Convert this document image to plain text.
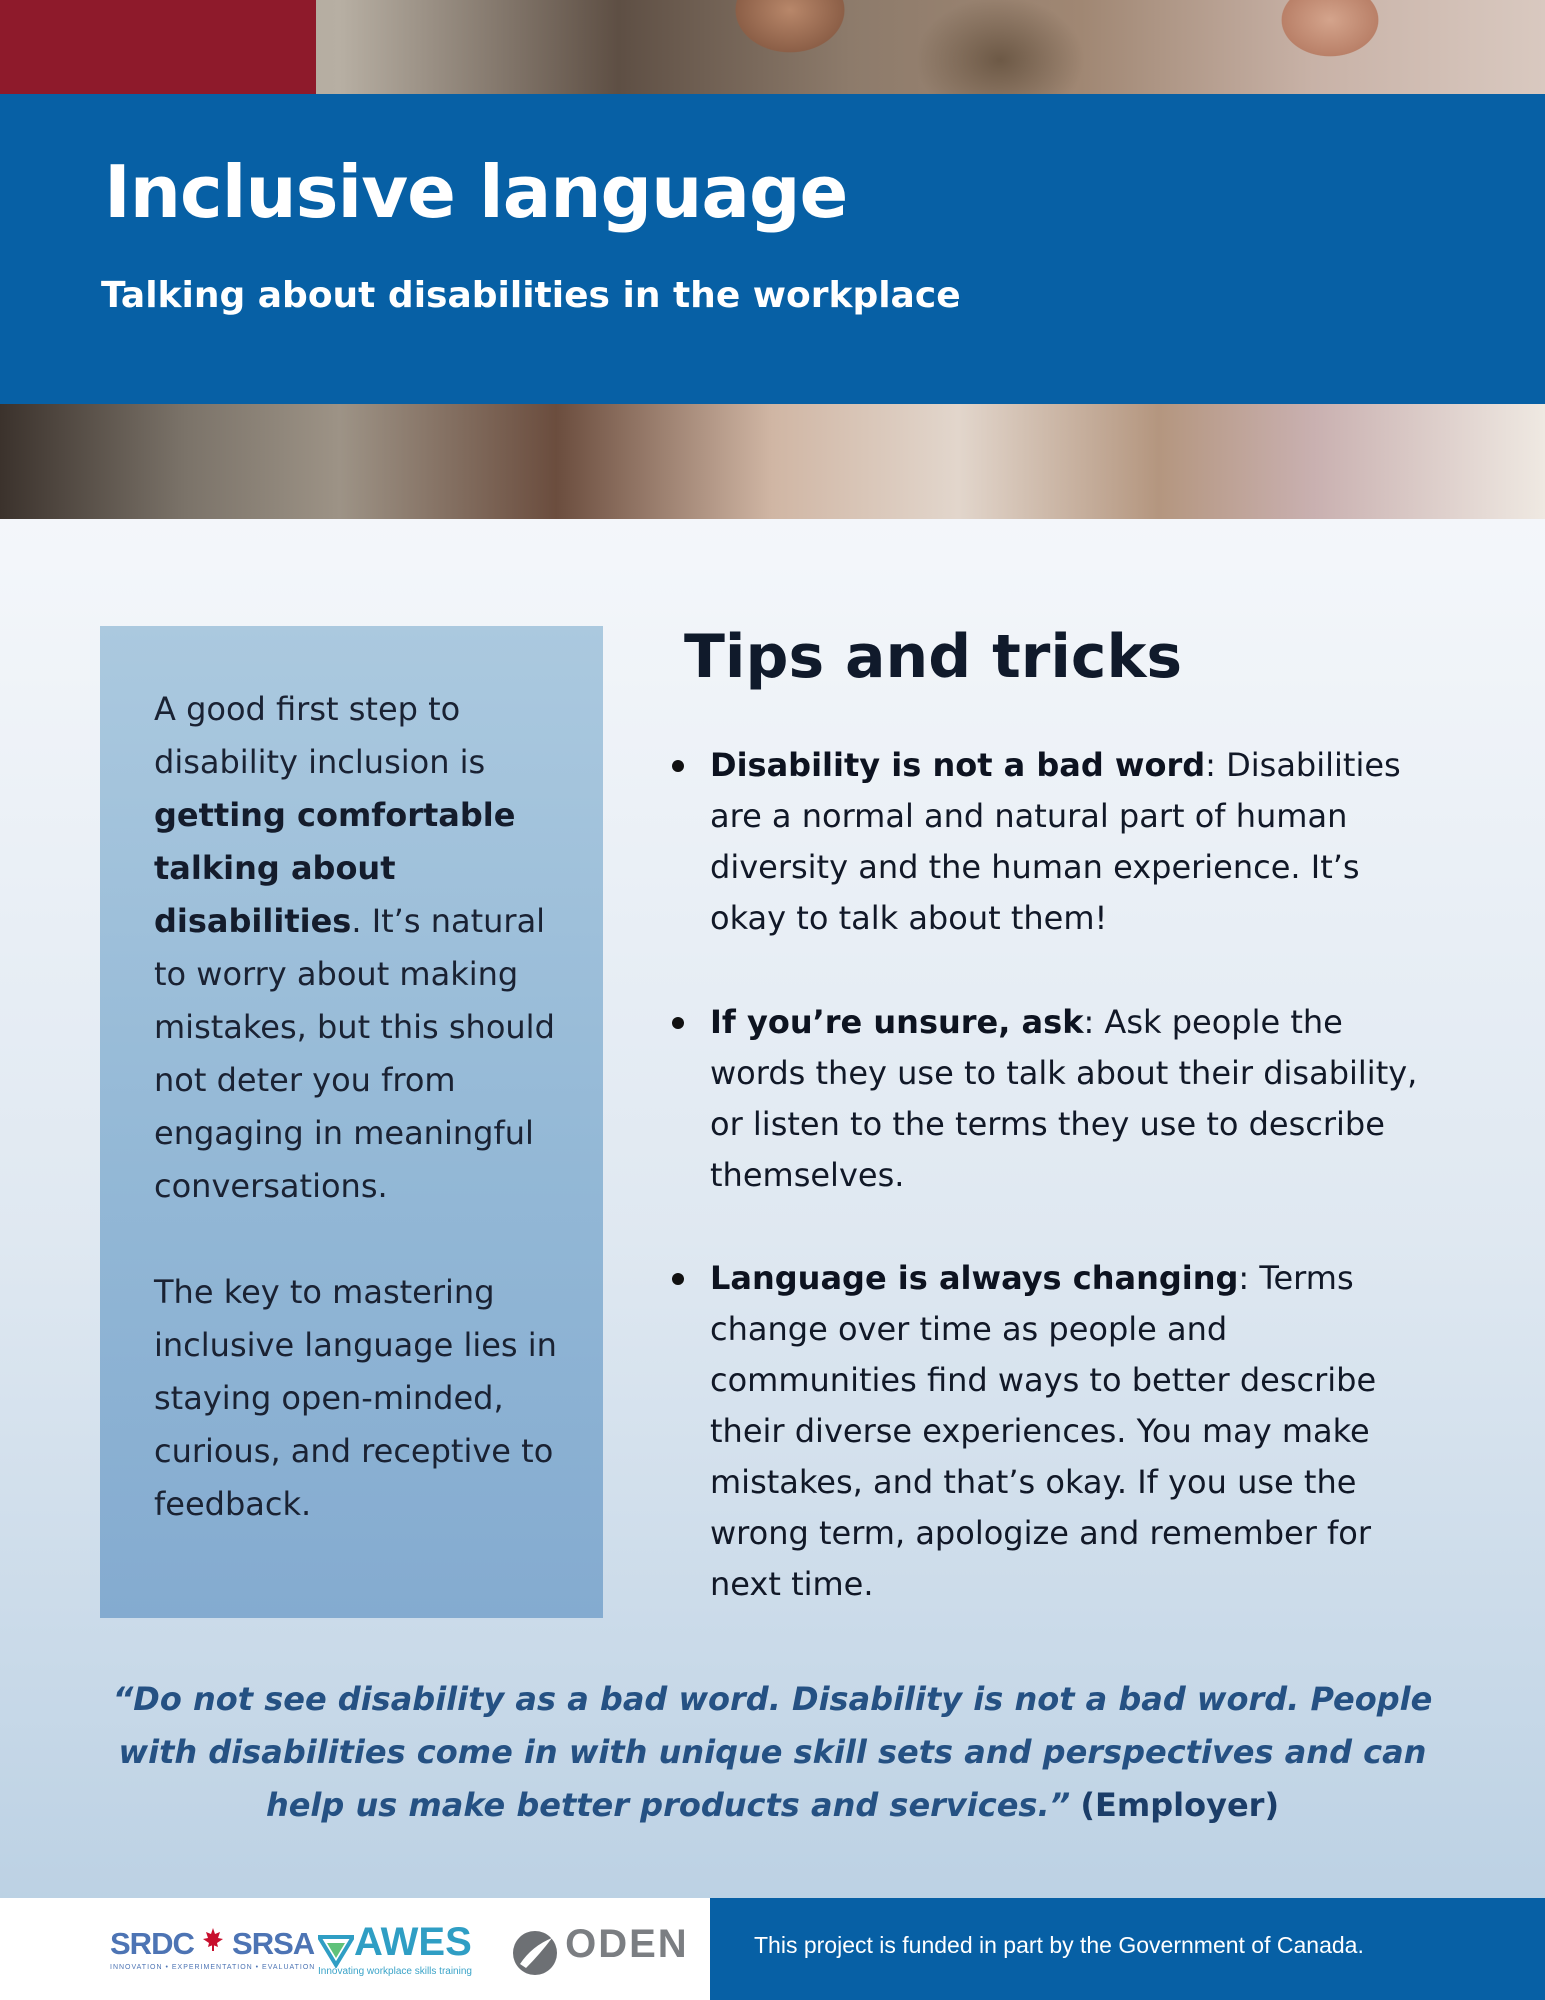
Inclusive language
Talking about disabilities in the workplace

A good first step to disability inclusion is getting comfortable talking about disabilities. It’s natural to worry about making mistakes, but this should not deter you from engaging in meaningful conversations.

The key to mastering inclusive language lies in staying open-minded, curious, and receptive to feedback.

Tips and tricks
Disability is not a bad word: Disabilities are a normal and natural part of human diversity and the human experience. It’s okay to talk about them!
If you’re unsure, ask: Ask people the words they use to talk about their disability, or listen to the terms they use to describe themselves.
Language is always changing: Terms change over time as people and communities find ways to better describe their diverse experiences. You may make mistakes, and that’s okay. If you use the wrong term, apologize and remember for next time.

“Do not see disability as a bad word. Disability is not a bad word. People with disabilities come in with unique skill sets and perspectives and can help us make better products and services.” (Employer)

SRDC SRSA
INNOVATION • EXPERIMENTATION • EVALUATION
AWES
Innovating workplace skills training
ODEN	This project is funded in part by the Government of Canada.
